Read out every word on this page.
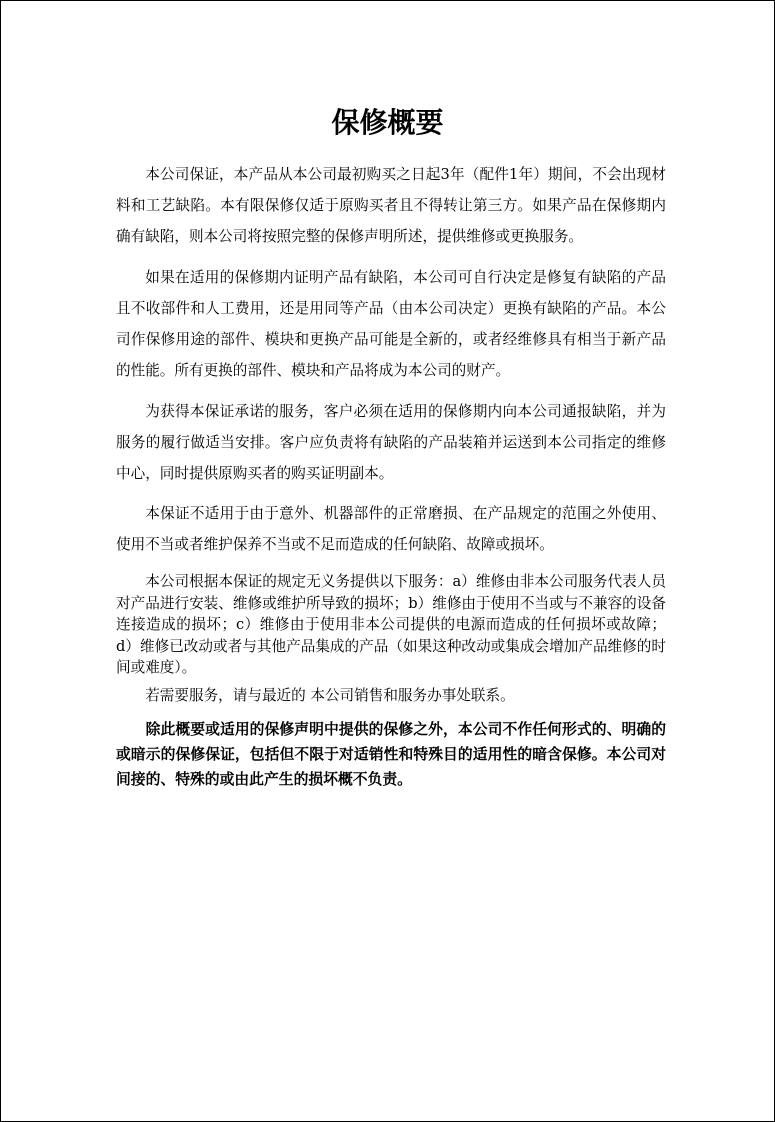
保修概要

本公司保证，本产品从本公司最初购买之日起3年（配件1年）期间，不会出现材料和工艺缺陷。本有限保修仅适于原购买者且不得转让第三方。如果产品在保修期内确有缺陷，则本公司将按照完整的保修声明所述，提供维修或更换服务。

如果在适用的保修期内证明产品有缺陷，本公司可自行决定是修复有缺陷的产品且不收部件和人工费用，还是用同等产品（由本公司决定）更换有缺陷的产品。本公司作保修用途的部件、模块和更换产品可能是全新的，或者经维修具有相当于新产品的性能。所有更换的部件、模块和产品将成为本公司的财产。

为获得本保证承诺的服务，客户必须在适用的保修期内向本公司通报缺陷，并为服务的履行做适当安排。客户应负责将有缺陷的产品装箱并运送到本公司指定的维修中心，同时提供原购买者的购买证明副本。

本保证不适用于由于意外、机器部件的正常磨损、在产品规定的范围之外使用、使用不当或者维护保养不当或不足而造成的任何缺陷、故障或损坏。

本公司根据本保证的规定无义务提供以下服务：a）维修由非本公司服务代表人员对产品进行安装、维修或维护所导致的损坏；b）维修由于使用不当或与不兼容的设备连接造成的损坏；c）维修由于使用非本公司提供的电源而造成的任何损坏或故障；d）维修已改动或者与其他产品集成的产品（如果这种改动或集成会增加产品维修的时间或难度）。

若需要服务，请与最近的 本公司销售和服务办事处联系。

除此概要或适用的保修声明中提供的保修之外，本公司不作任何形式的、明确的或暗示的保修保证，包括但不限于对适销性和特殊目的适用性的暗含保修。本公司对间接的、特殊的或由此产生的损坏概不负责。
